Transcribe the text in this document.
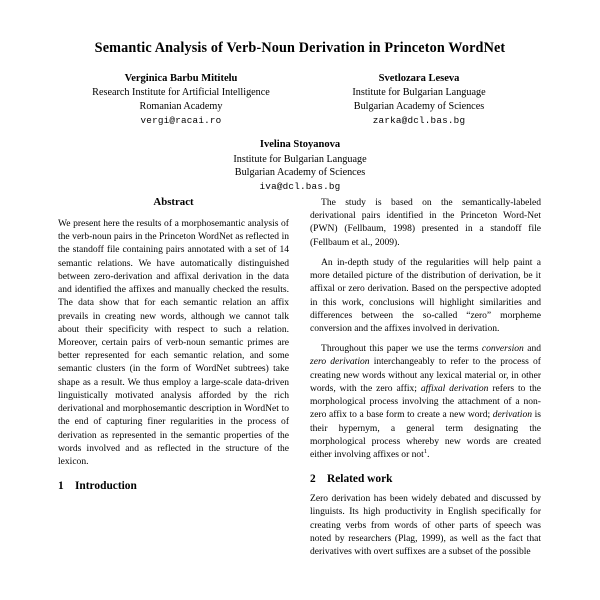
Semantic Analysis of Verb-Noun Derivation in Princeton WordNet
Verginica Barbu Mititelu
Research Institute for Artificial Intelligence
Romanian Academy
vergi@racai.ro
Svetlozara Leseva
Institute for Bulgarian Language
Bulgarian Academy of Sciences
zarka@dcl.bas.bg
Ivelina Stoyanova
Institute for Bulgarian Language
Bulgarian Academy of Sciences
iva@dcl.bas.bg
Abstract

We present here the results of a morphosemantic analysis of the verb-noun pairs in the Princeton WordNet as reflected in the standoff file containing pairs annotated with a set of 14 semantic relations. We have automatically distinguished between zero-derivation and affixal derivation in the data and identified the affixes and manually checked the results. The data show that for each semantic relation an affix prevails in creating new words, although we cannot talk about their specificity with respect to such a relation. Moreover, certain pairs of verb-noun semantic primes are better represented for each semantic relation, and some semantic clusters (in the form of WordNet subtrees) take shape as a result. We thus employ a large-scale data-driven linguistically motivated analysis afforded by the rich derivational and morphosemantic description in WordNet to the end of capturing finer regularities in the process of derivation as represented in the semantic properties of the words involved and as reflected in the structure of the lexicon.

1 Introduction

The study is based on the semantically-labeled derivational pairs identified in the Princeton Word-Net (PWN) (Fellbaum, 1998) presented in a standoff file (Fellbaum et al., 2009).

An in-depth study of the regularities will help paint a more detailed picture of the distribution of derivation, be it affixal or zero derivation. Based on the perspective adopted in this work, conclusions will highlight similarities and differences between the so-called “zero” morpheme conversion and the affixes involved in derivation.

Throughout this paper we use the terms conversion and zero derivation interchangeably to refer to the process of creating new words without any lexical material or, in other words, with the zero affix; affixal derivation refers to the morphological process involving the attachment of a non-zero affix to a base form to create a new word; derivation is their hypernym, a general term designating the morphological process whereby new words are created either involving affixes or not$^1$.

2 Related work

Zero derivation has been widely debated and discussed by linguists. Its high productivity in English specifically for creating verbs from words of other parts of speech was noted by researchers (Plag, 1999), as well as the fact that derivatives with overt suffixes are a subset of the possible
